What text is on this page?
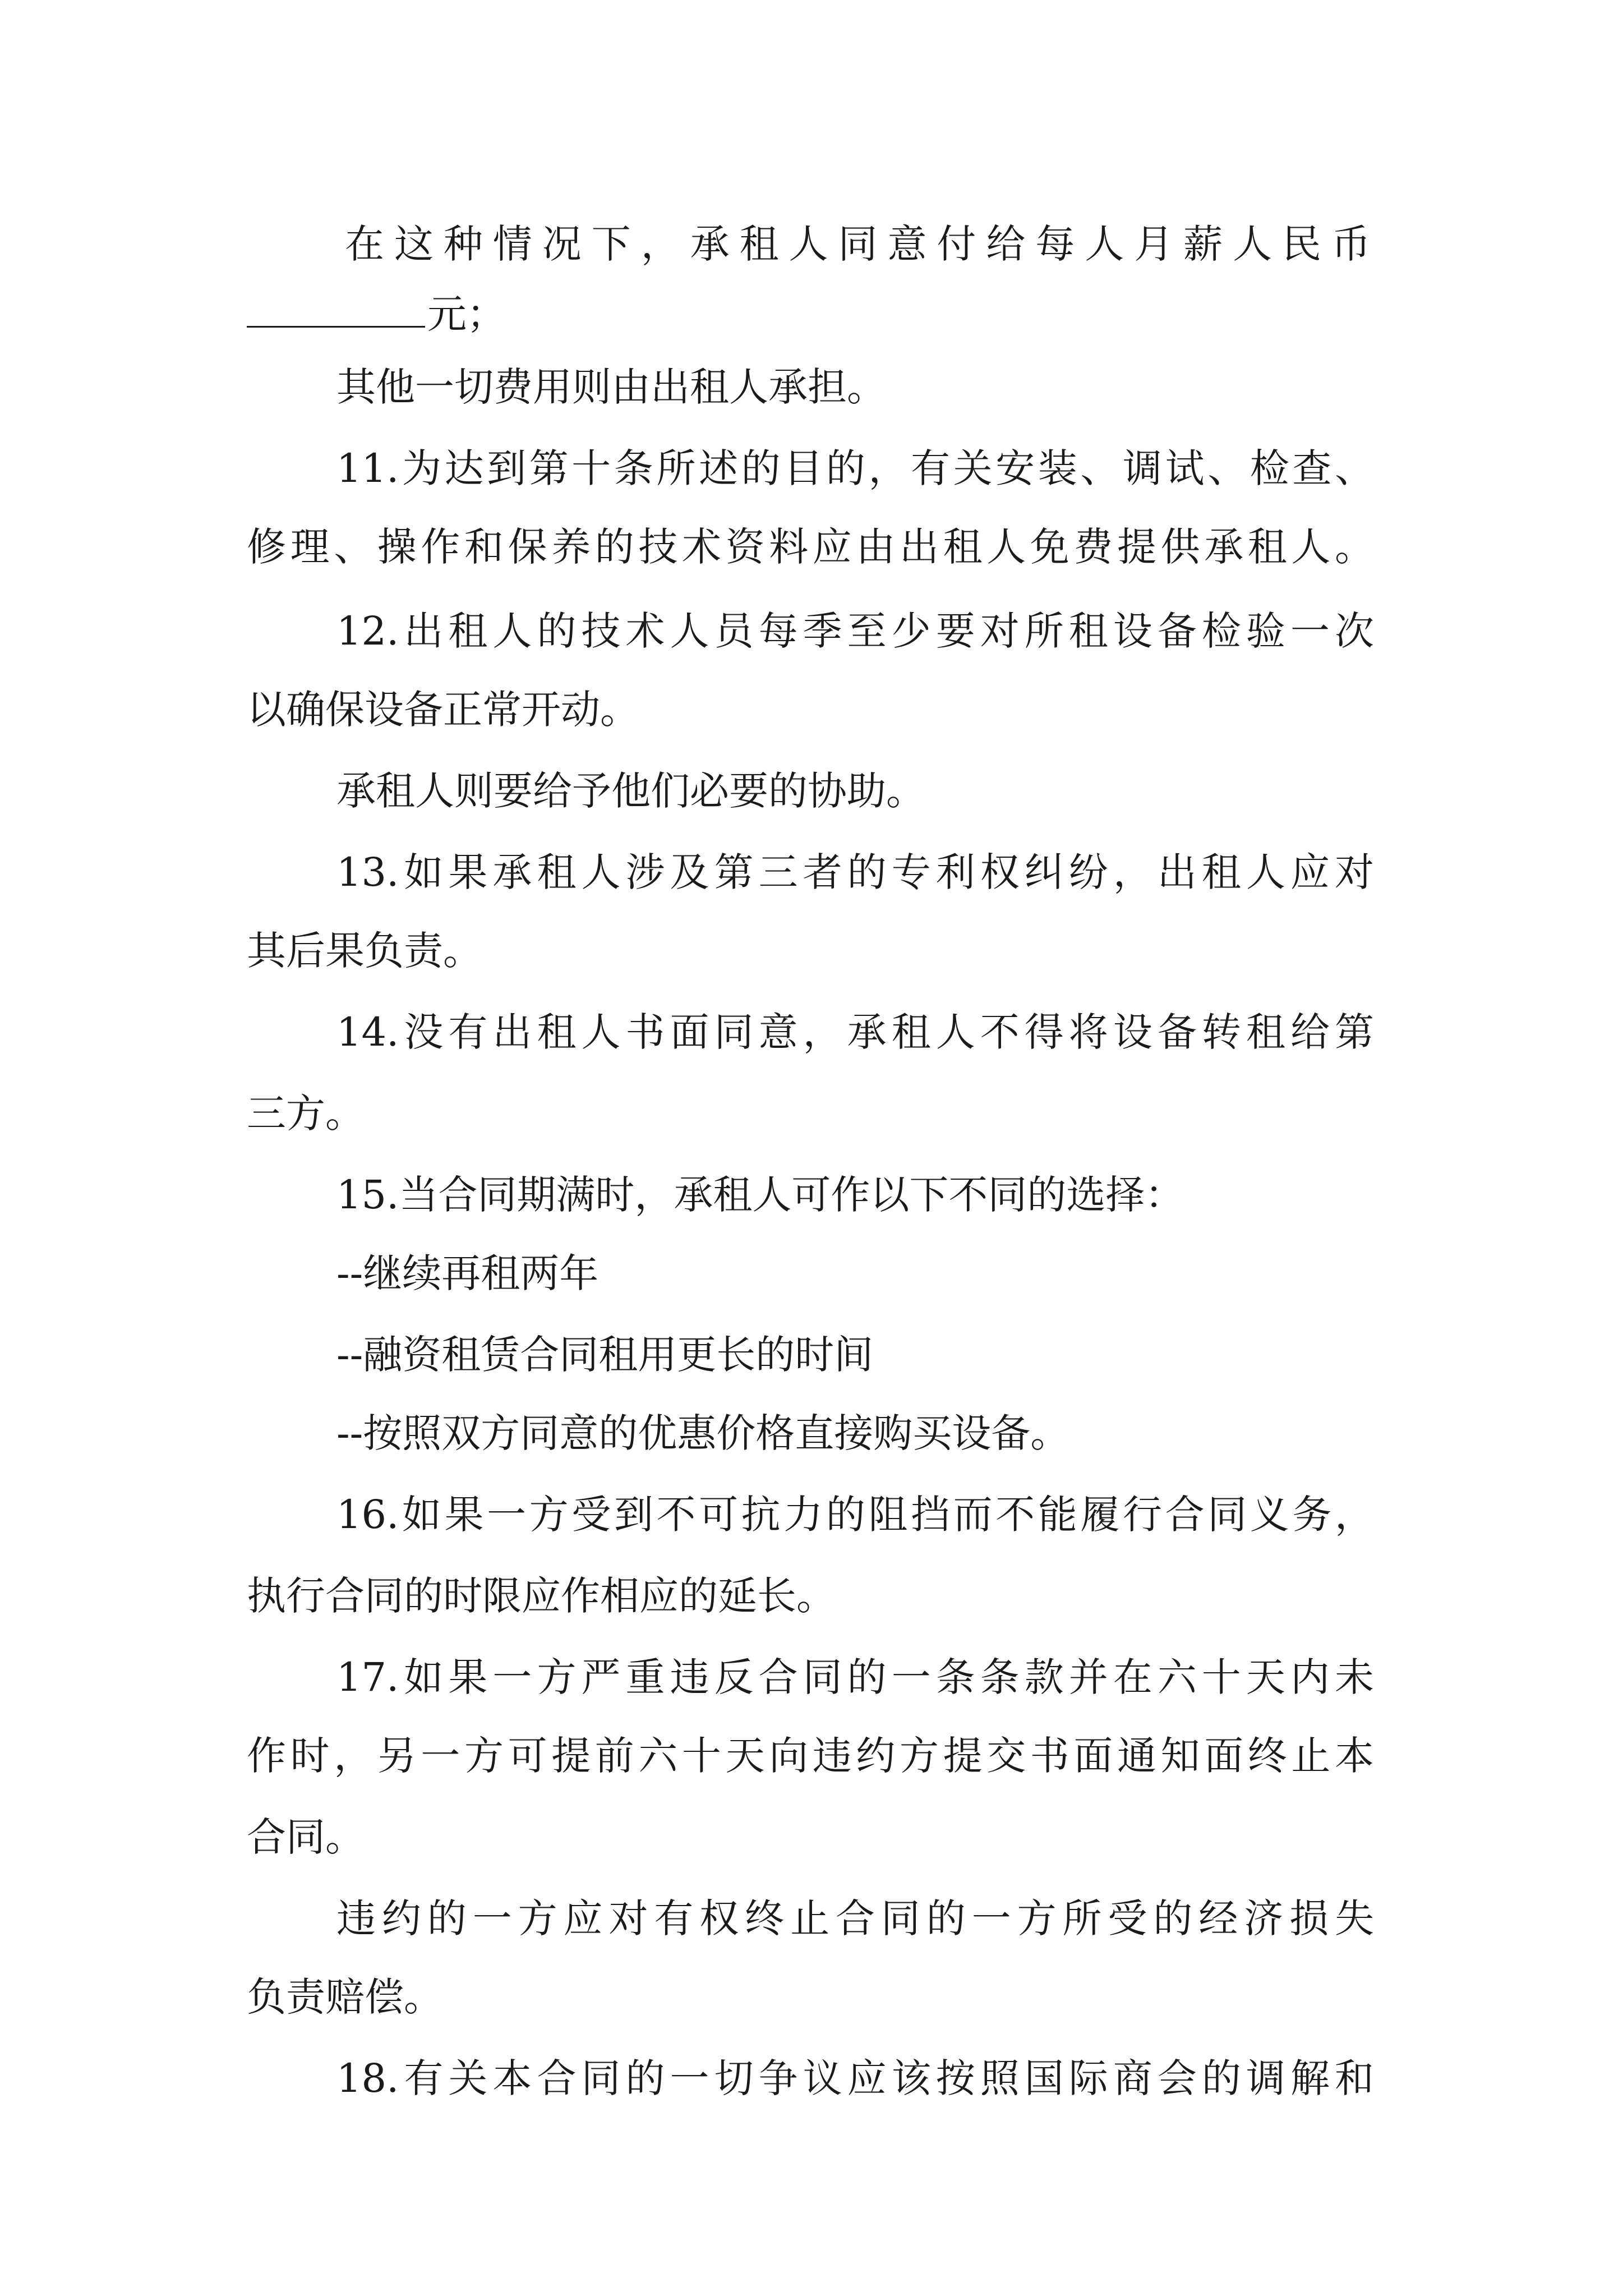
在这种情况下，承租人同意付给每人月薪人民币
元；
其他一切费用则由出租人承担。
11.为达到第十条所述的目的，有关安装、调试、检查、
修理、操作和保养的技术资料应由出租人免费提供承租人。
12.出租人的技术人员每季至少要对所租设备检验一次
以确保设备正常开动。
承租人则要给予他们必要的协助。
13.如果承租人涉及第三者的专利权纠纷，出租人应对
其后果负责。
14.没有出租人书面同意，承租人不得将设备转租给第
三方。
15.当合同期满时，承租人可作以下不同的选择：
--继续再租两年
--融资租赁合同租用更长的时间
--按照双方同意的优惠价格直接购买设备。
16.如果一方受到不可抗力的阻挡而不能履行合同义务，
执行合同的时限应作相应的延长。
17.如果一方严重违反合同的一条条款并在六十天内未
作时，另一方可提前六十天向违约方提交书面通知面终止本
合同。
违约的一方应对有权终止合同的一方所受的经济损失
负责赔偿。
18.有关本合同的一切争议应该按照国际商会的调解和
